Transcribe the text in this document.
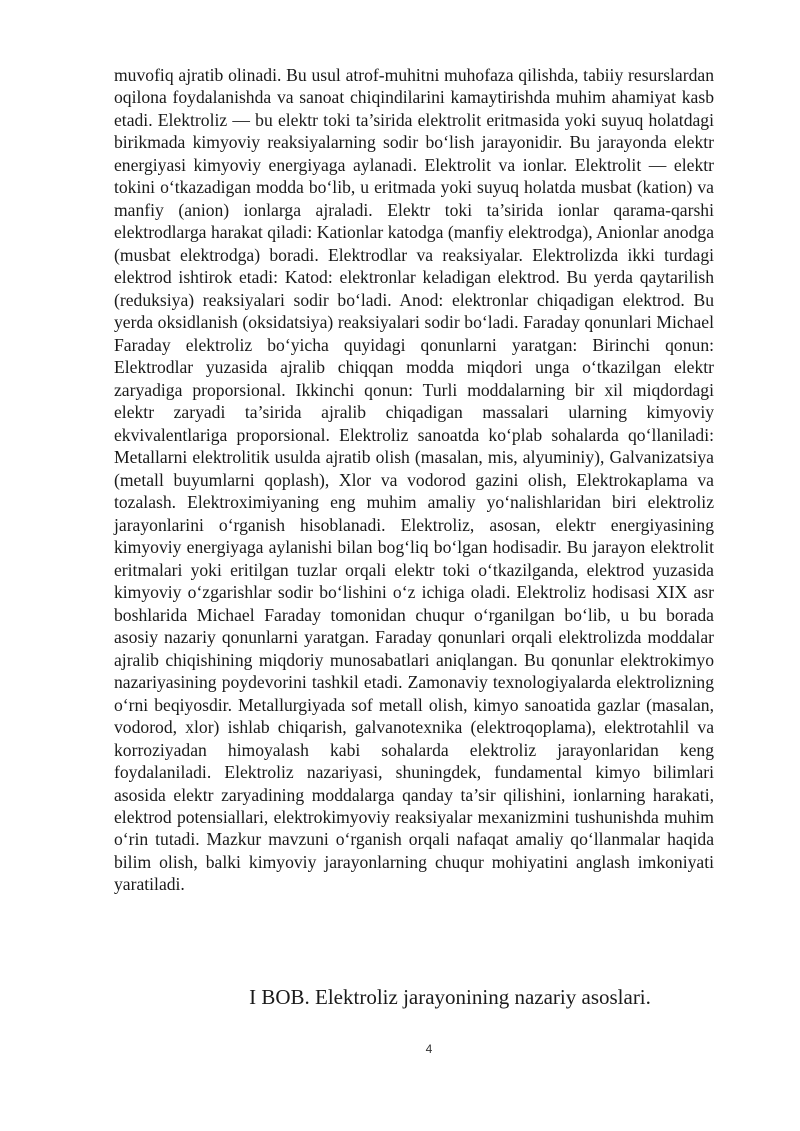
muvofiq ajratib olinadi. Bu usul atrof-muhitni muhofaza qilishda, tabiiy resurslardan oqilona foydalanishda va sanoat chiqindilarini kamaytirishda muhim ahamiyat kasb etadi. Elektroliz — bu elektr toki ta’sirida elektrolit eritmasida yoki suyuq holatdagi birikmada kimyoviy reaksiyalarning sodir bo‘lish jarayonidir. Bu jarayonda elektr energiyasi kimyoviy energiyaga aylanadi. Elektrolit va ionlar. Elektrolit — elektr tokini o‘tkazadigan modda bo‘lib, u eritmada yoki suyuq holatda musbat (kation) va manfiy (anion) ionlarga ajraladi. Elektr toki ta’sirida ionlar qarama-qarshi elektrodlarga harakat qiladi: Kationlar katodga (manfiy elektrodga), Anionlar anodga (musbat elektrodga) boradi. Elektrodlar va reaksiyalar. Elektrolizda ikki turdagi elektrod ishtirok etadi: Katod: elektronlar keladigan elektrod. Bu yerda qaytarilish (reduksiya) reaksiyalari sodir bo‘ladi. Anod: elektronlar chiqadigan elektrod. Bu yerda oksidlanish (oksidatsiya) reaksiyalari sodir bo‘ladi. Faraday qonunlari Michael Faraday elektroliz bo‘yicha quyidagi qonunlarni yaratgan: Birinchi qonun: Elektrodlar yuzasida ajralib chiqqan modda miqdori unga o‘tkazilgan elektr zaryadiga proporsional. Ikkinchi qonun: Turli moddalarning bir xil miqdordagi elektr zaryadi ta’sirida ajralib chiqadigan massalari ularning kimyoviy ekvivalentlariga proporsional. Elektroliz sanoatda ko‘plab sohalarda qo‘llaniladi: Metallarni elektrolitik usulda ajratib olish (masalan, mis, alyuminiy), Galvanizatsiya (metall buyumlarni qoplash), Xlor va vodorod gazini olish, Elektrokaplama va tozalash. Elektroximiyaning eng muhim amaliy yo‘nalishlaridan biri elektroliz jarayonlarini o‘rganish hisoblanadi. Elektroliz, asosan, elektr energiyasining kimyoviy energiyaga aylanishi bilan bog‘liq bo‘lgan hodisadir. Bu jarayon elektrolit eritmalari yoki eritilgan tuzlar orqali elektr toki o‘tkazilganda, elektrod yuzasida kimyoviy o‘zgarishlar sodir bo‘lishini o‘z ichiga oladi. Elektroliz hodisasi XIX asr boshlarida Michael Faraday tomonidan chuqur o‘rganilgan bo‘lib, u bu borada asosiy nazariy qonunlarni yaratgan. Faraday qonunlari orqali elektrolizda moddalar ajralib chiqishining miqdoriy munosabatlari aniqlangan. Bu qonunlar elektrokimyo nazariyasining poydevorini tashkil etadi. Zamonaviy texnologiyalarda elektrolizning o‘rni beqiyosdir. Metallurgiyada sof metall olish, kimyo sanoatida gazlar (masalan, vodorod, xlor) ishlab chiqarish, galvanotexnika (elektroqoplama), elektrotahlil va korroziyadan himoyalash kabi sohalarda elektroliz jarayonlaridan keng foydalaniladi. Elektroliz nazariyasi, shuningdek, fundamental kimyo bilimlari asosida elektr zaryadining moddalarga qanday ta’sir qilishini, ionlarning harakati, elektrod potensiallari, elektrokimyoviy reaksiyalar mexanizmini tushunishda muhim o‘rin tutadi. Mazkur mavzuni o‘rganish orqali nafaqat amaliy qo‘llanmalar haqida bilim olish, balki kimyoviy jarayonlarning chuqur mohiyatini anglash imkoniyati yaratiladi.

I BOB. Elektroliz jarayonining nazariy asoslari.
4
